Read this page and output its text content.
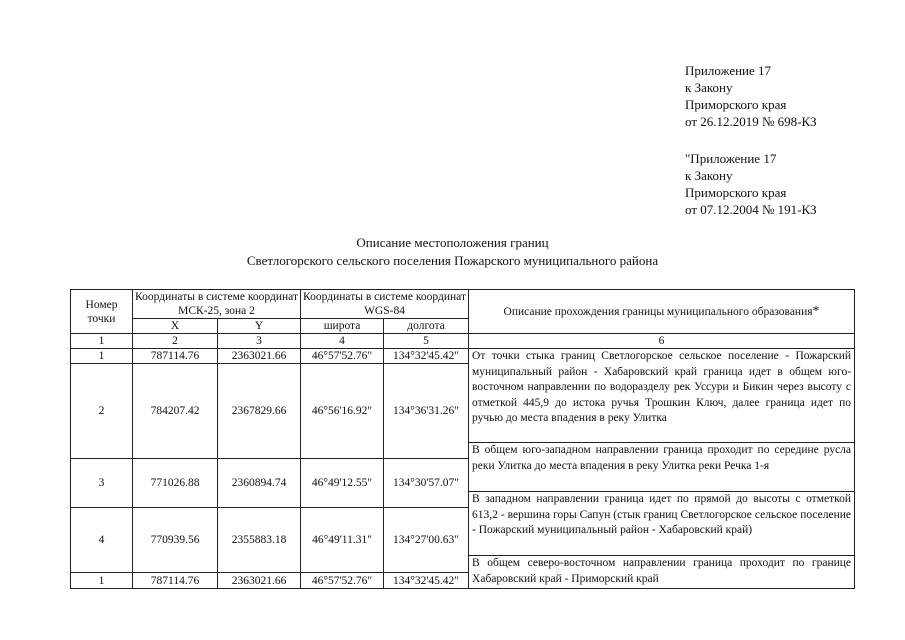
Приложение 17
к Закону
Приморского края
от 26.12.2019 № 698-КЗ
"Приложение 17
к Закону
Приморского края
от 07.12.2004 № 191-КЗ
Описание местоположения границ
Светлогорского сельского поселения Пожарского муниципального района
Номер точки	Координаты в системе координат МСК-25, зона 2		Координаты в системе координат WGS-84		Описание прохождения границы муниципального образования*
	X	Y	широта	долгота	
1	2	3	4	5	6
1	787114.76	2363021.66	46°57'52.76"	134°32'45.42"	От точки стыка границ Светлогорское сельское поселение - Пожарский муниципальный район - Хабаровский край граница идет в общем юго-восточном направлении по водоразделу рек Уссури и Бикин через высоту с отметкой 445,9 до истока ручья Трошкин Ключ, далее граница идет по ручью до места впадения в реку Улитка
2	784207.42	2367829.66	46°56'16.92"	134°36'31.26"	
					В общем юго-западном направлении граница проходит по середине русла реки Улитка до места впадения в реку Улитка реки Речка 1-я
3	771026.88	2360894.74	46°49'12.55"	134°30'57.07"	
					В западном направлении граница идет по прямой до высоты с отметкой 613,2 - вершина горы Сапун (стык границ Светлогорское сельское поселение - Пожарский муниципальный район - Хабаровский край)
4	770939.56	2355883.18	46°49'11.31"	134°27'00.63"	
					В общем северо-восточном направлении граница проходит по границе Хабаровский край - Приморский край
1	787114.76	2363021.66	46°57'52.76"	134°32'45.42"	
